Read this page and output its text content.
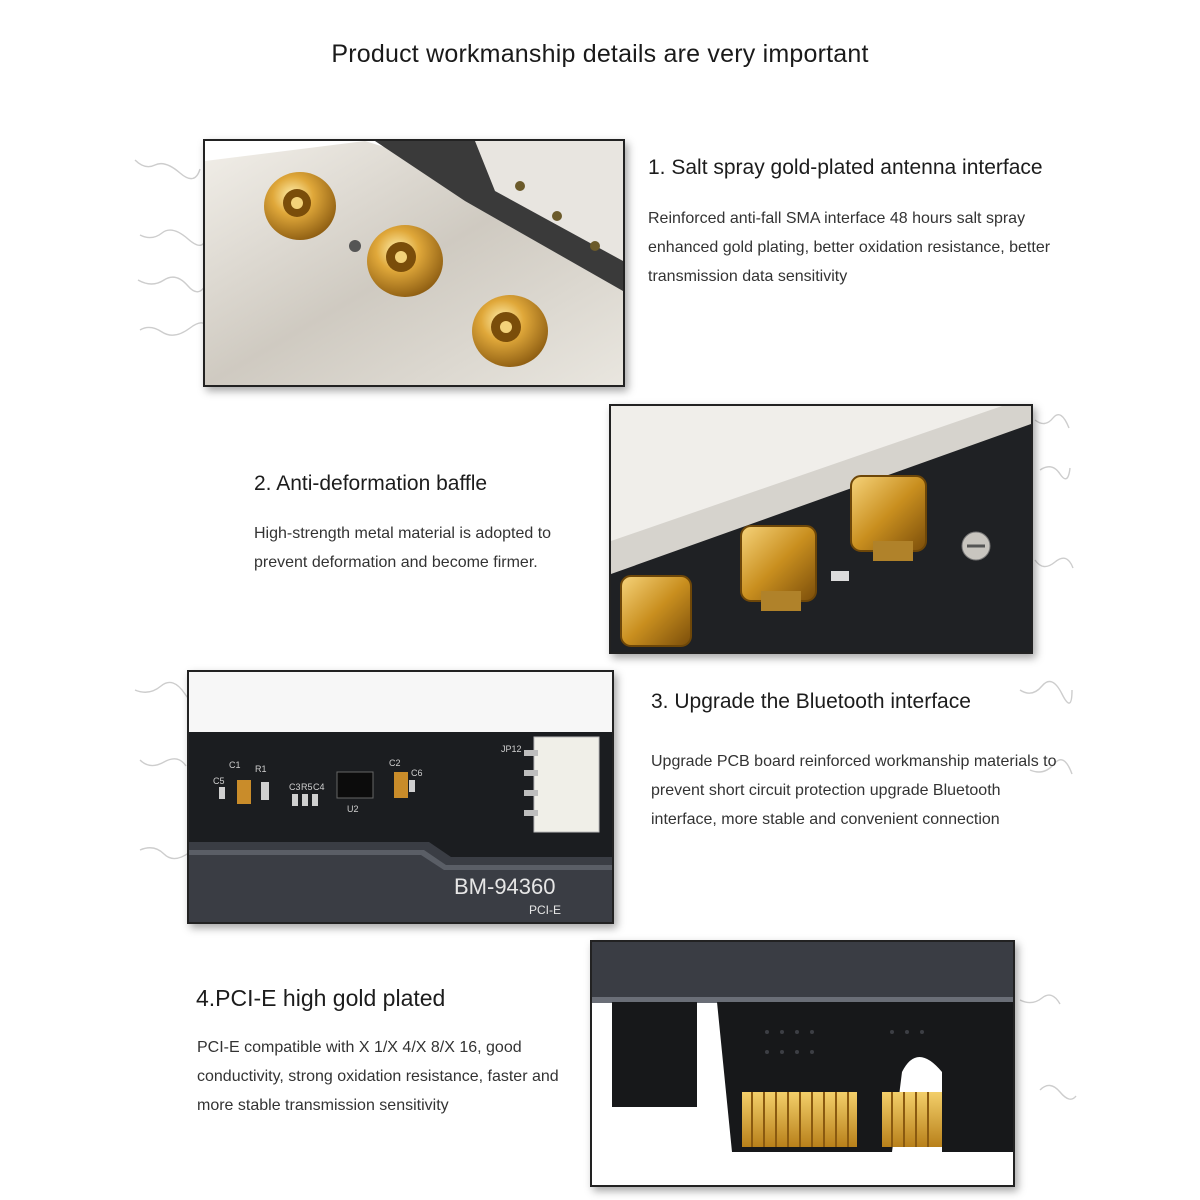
Product workmanship details are very important
1. Salt spray gold-plated antenna interface
Reinforced anti-fall SMA interface 48 hours salt spray enhanced gold plating, better oxidation resistance, better transmission data sensitivity
2. Anti-deformation baffle
High-strength metal material is adopted to prevent deformation and become firmer.
C1 R1
C5
C3 R5 C4
C2
C6
U2
JP12
BM-94360
PCI-E
3. Upgrade the Bluetooth interface
Upgrade PCB board reinforced workmanship materials to prevent short circuit protection upgrade Bluetooth interface, more stable and convenient connection
4.PCI-E high gold plated
PCI-E compatible with X 1/X 4/X 8/X 16, good conductivity, strong oxidation resistance, faster and more stable transmission sensitivity
